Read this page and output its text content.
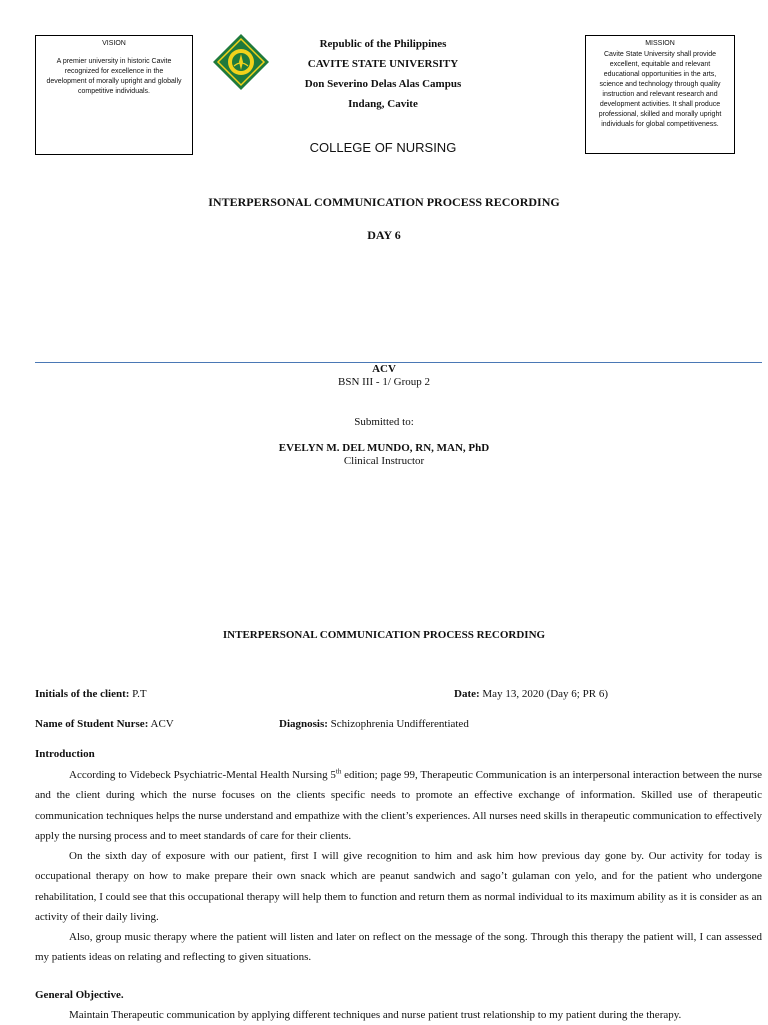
VISION
A premier university in historic Cavite recognized for excellence in the development of morally upright and globally competitive individuals.
Republic of the Philippines
CAVITE STATE UNIVERSITY
Don Severino Delas Alas Campus
Indang, Cavite
COLLEGE OF NURSING
MISSION
Cavite State University shall provide excellent, equitable and relevant educational opportunities in the arts, science and technology through quality instruction and relevant research and development activities. It shall produce professional, skilled and morally upright individuals for global competitiveness.
INTERPERSONAL COMMUNICATION PROCESS RECORDING
DAY 6
ACV
BSN III - 1/ Group 2
Submitted to:
EVELYN M. DEL MUNDO, RN, MAN, PhD
Clinical Instructor
INTERPERSONAL COMMUNICATION PROCESS RECORDING
Initials of the client: P.T	Date: May 13, 2020 (Day 6; PR 6)
Name of Student Nurse: ACV	Diagnosis: Schizophrenia Undifferentiated
Introduction

According to Videbeck Psychiatric-Mental Health Nursing 5th edition; page 99, Therapeutic Communication is an interpersonal interaction between the nurse and the client during which the nurse focuses on the clients specific needs to promote an effective exchange of information. Skilled use of therapeutic communication techniques helps the nurse understand and empathize with the client’s experiences. All nurses need skills in therapeutic communication to effectively apply the nursing process and to meet standards of care for their clients.

On the sixth day of exposure with our patient, first I will give recognition to him and ask him how previous day gone by. Our activity for today is occupational therapy on how to make prepare their own snack which are peanut sandwich and sago’t gulaman con yelo, and for the patient who undergone rehabilitation, I could see that this occupational therapy will help them to function and return them as normal individual to its maximum ability as it is consider as an activity of their daily living.

Also, group music therapy where the patient will listen and later on reflect on the message of the song. Through this therapy the patient will, I can assessed my patients ideas on relating and reflecting to given situations.

General Objective.

Maintain Therapeutic communication by applying different techniques and nurse patient trust relationship to my patient during the therapy.
